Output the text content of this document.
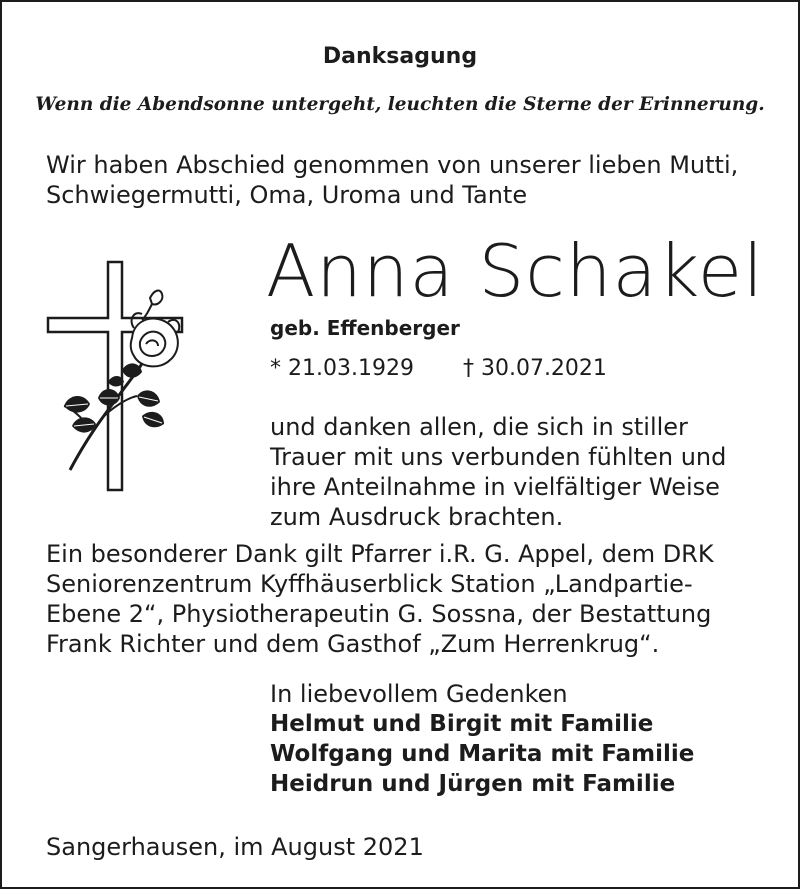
Danksagung
Wenn die Abendsonne untergeht, leuchten die Sterne der Erinnerung.
Wir haben Abschied genommen von unserer lieben Mutti,
Schwiegermutti, Oma, Uroma und Tante
Anna Schakel
geb. Effenberger
* 21.03.1929 † 30.07.2021
und danken allen, die sich in stiller
Trauer mit uns verbunden fühlten und
ihre Anteilnahme in vielfältiger Weise
zum Ausdruck brachten.
Ein besonderer Dank gilt Pfarrer i.R. G. Appel, dem DRK
Seniorenzentrum Kyffhäuserblick Station „Landpartie-
Ebene 2“, Physiotherapeutin G. Sossna, der Bestattung
Frank Richter und dem Gasthof „Zum Herrenkrug“.
In liebevollem Gedenken
Helmut und Birgit mit Familie
Wolfgang und Marita mit Familie
Heidrun und Jürgen mit Familie
Sangerhausen, im August 2021
